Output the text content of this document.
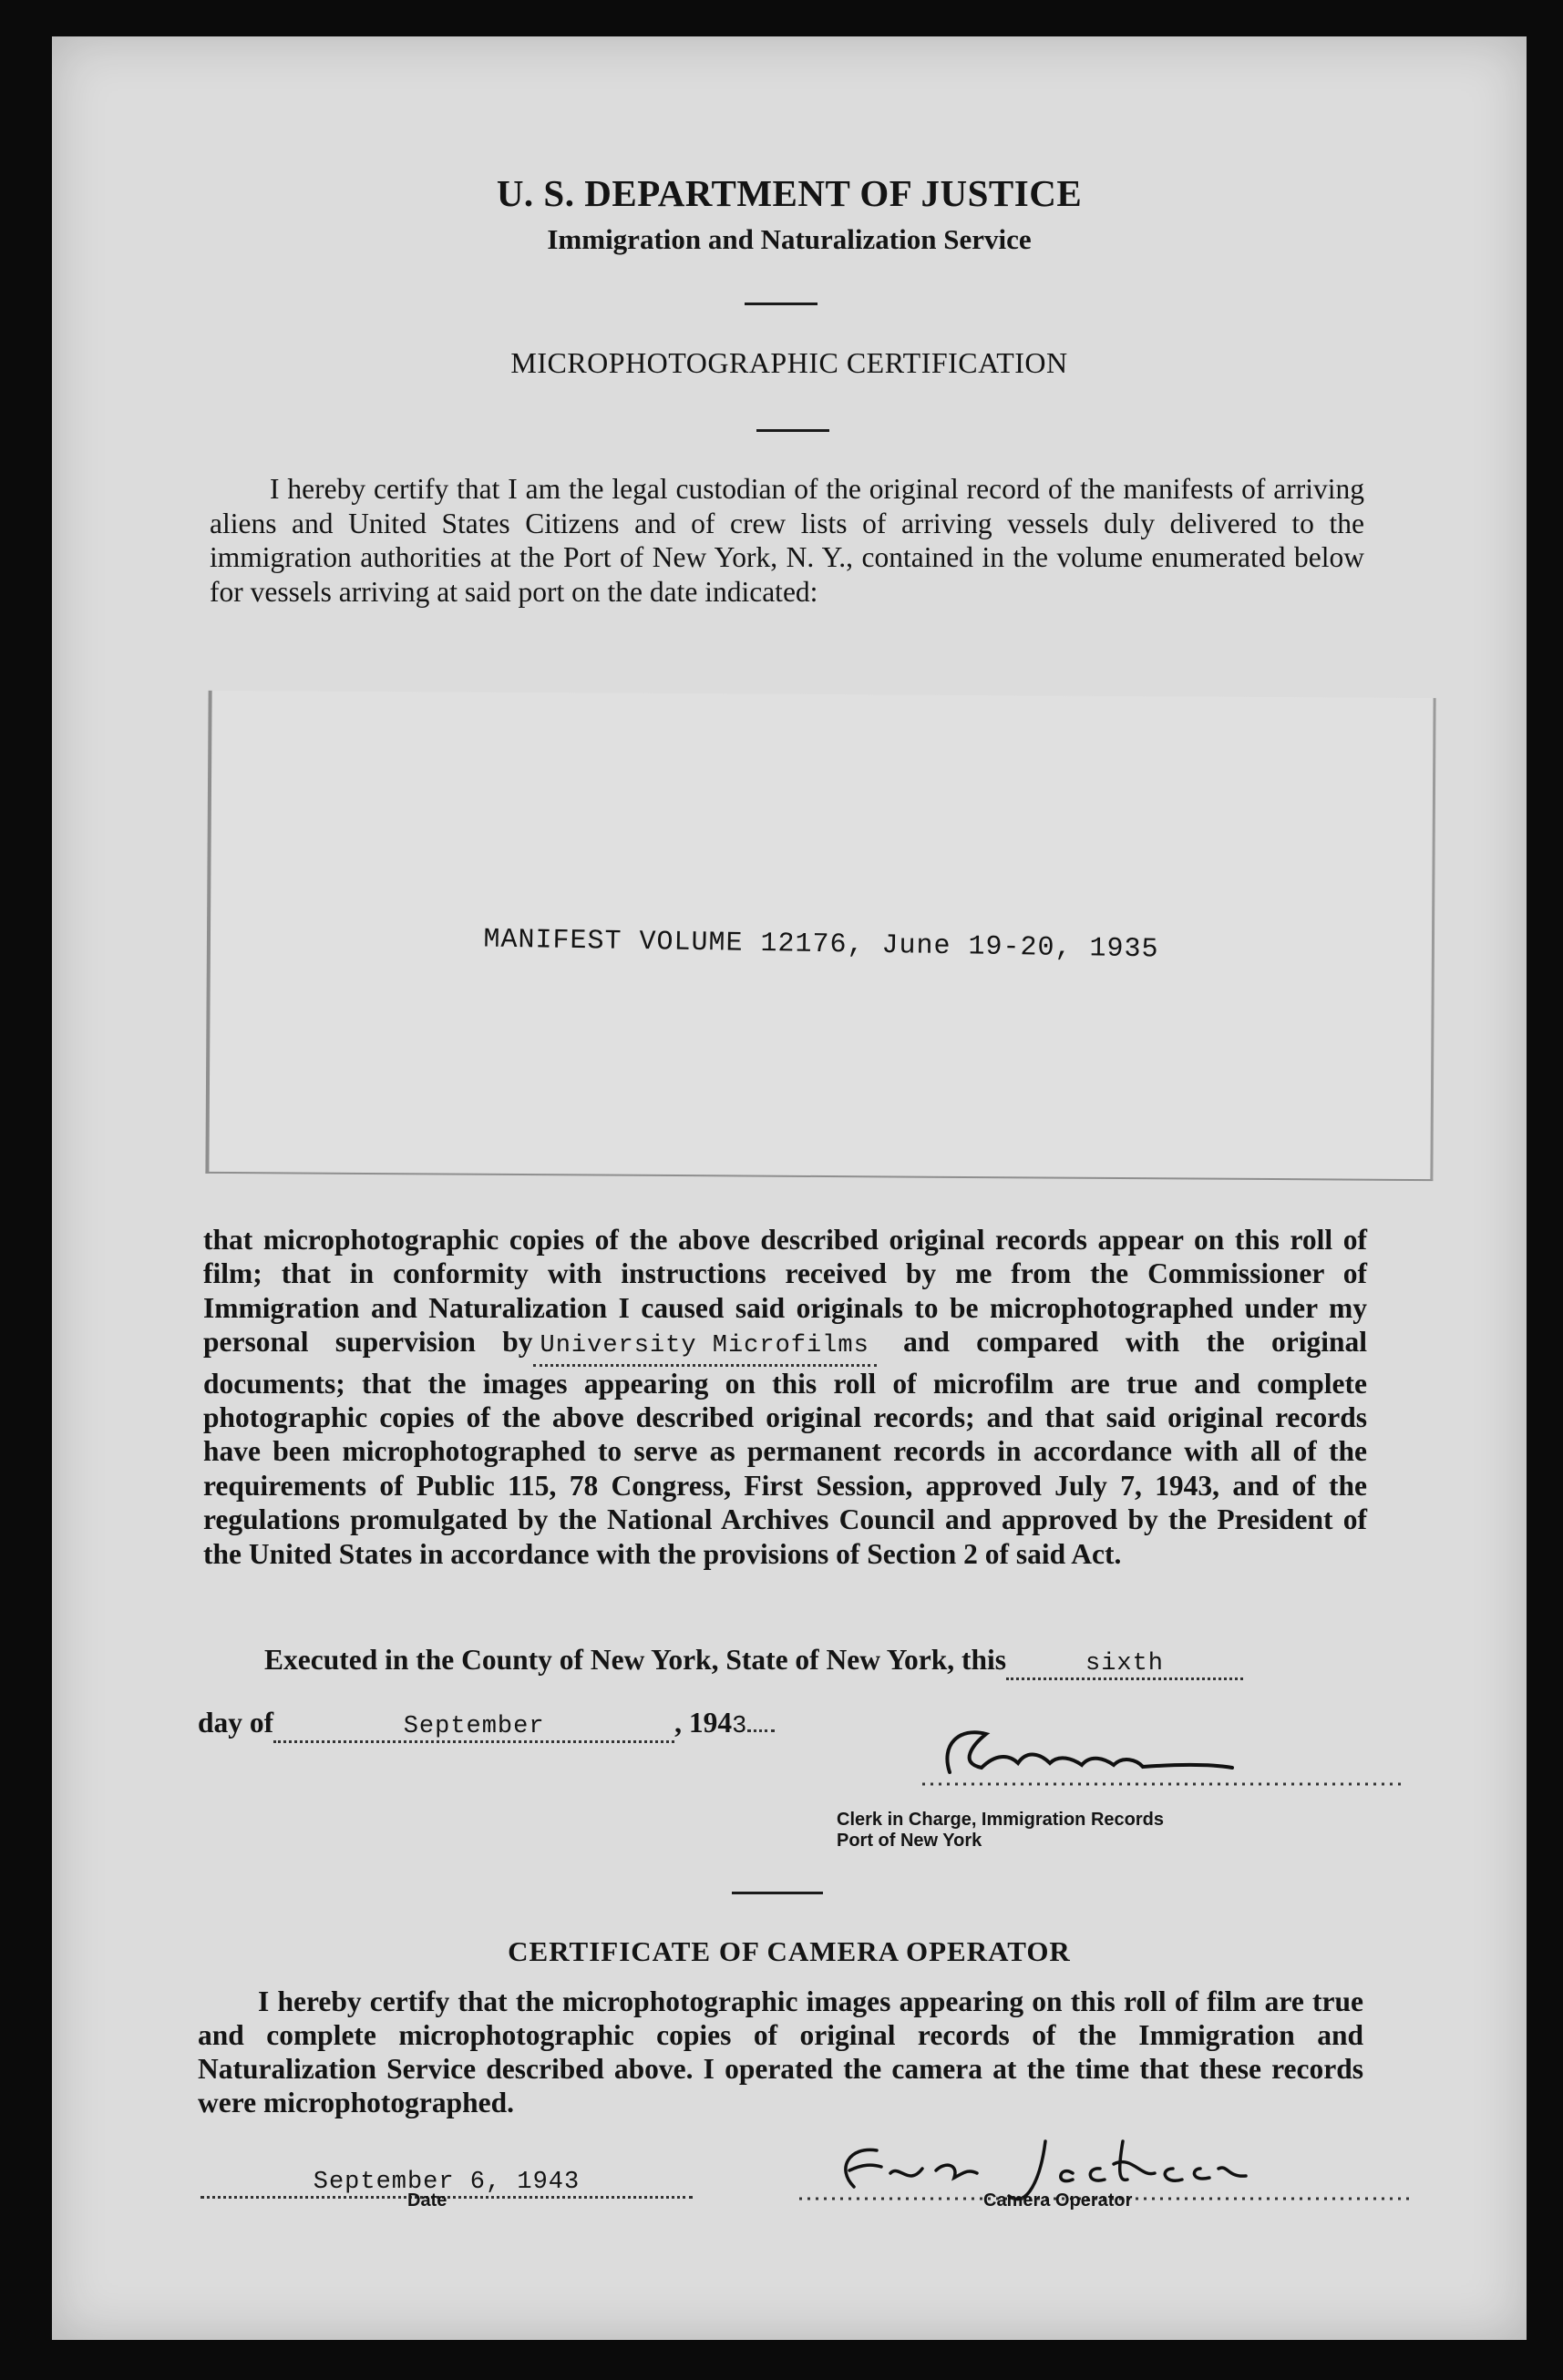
U. S. DEPARTMENT OF JUSTICE
Immigration and Naturalization Service
MICROPHOTOGRAPHIC CERTIFICATION
I hereby certify that I am the legal custodian of the original record of the manifests of arriving aliens and United States Citizens and of crew lists of arriving vessels duly delivered to the immigration authorities at the Port of New York, N. Y., contained in the volume enumerated below for vessels arriving at said port on the date indicated:
MANIFEST VOLUME 12176, June 19-20, 1935
that microphotographic copies of the above described original records appear on this roll of film; that in conformity with instructions received by me from the Commissioner of Immigration and Naturalization I caused said originals to be microphotographed under my personal supervision by University Microfilms and compared with the original documents; that the images appearing on this roll of microfilm are true and complete photographic copies of the above described original records; and that said original records have been microphotographed to serve as permanent records in accordance with all of the requirements of Public 115, 78 Congress, First Session, approved July 7, 1943, and of the regulations promulgated by the National Archives Council and approved by the President of the United States in accordance with the provisions of Section 2 of said Act.
Executed in the County of New York, State of New York, this	sixth
day of	September	, 1943
Clerk in Charge, Immigration Records
Port of New York
CERTIFICATE OF CAMERA OPERATOR
I hereby certify that the microphotographic images appearing on this roll of film are true and complete microphotographic copies of original records of the Immigration and Naturalization Service described above. I operated the camera at the time that these records were microphotographed.
September 6, 1943
Date	Camera Operator
